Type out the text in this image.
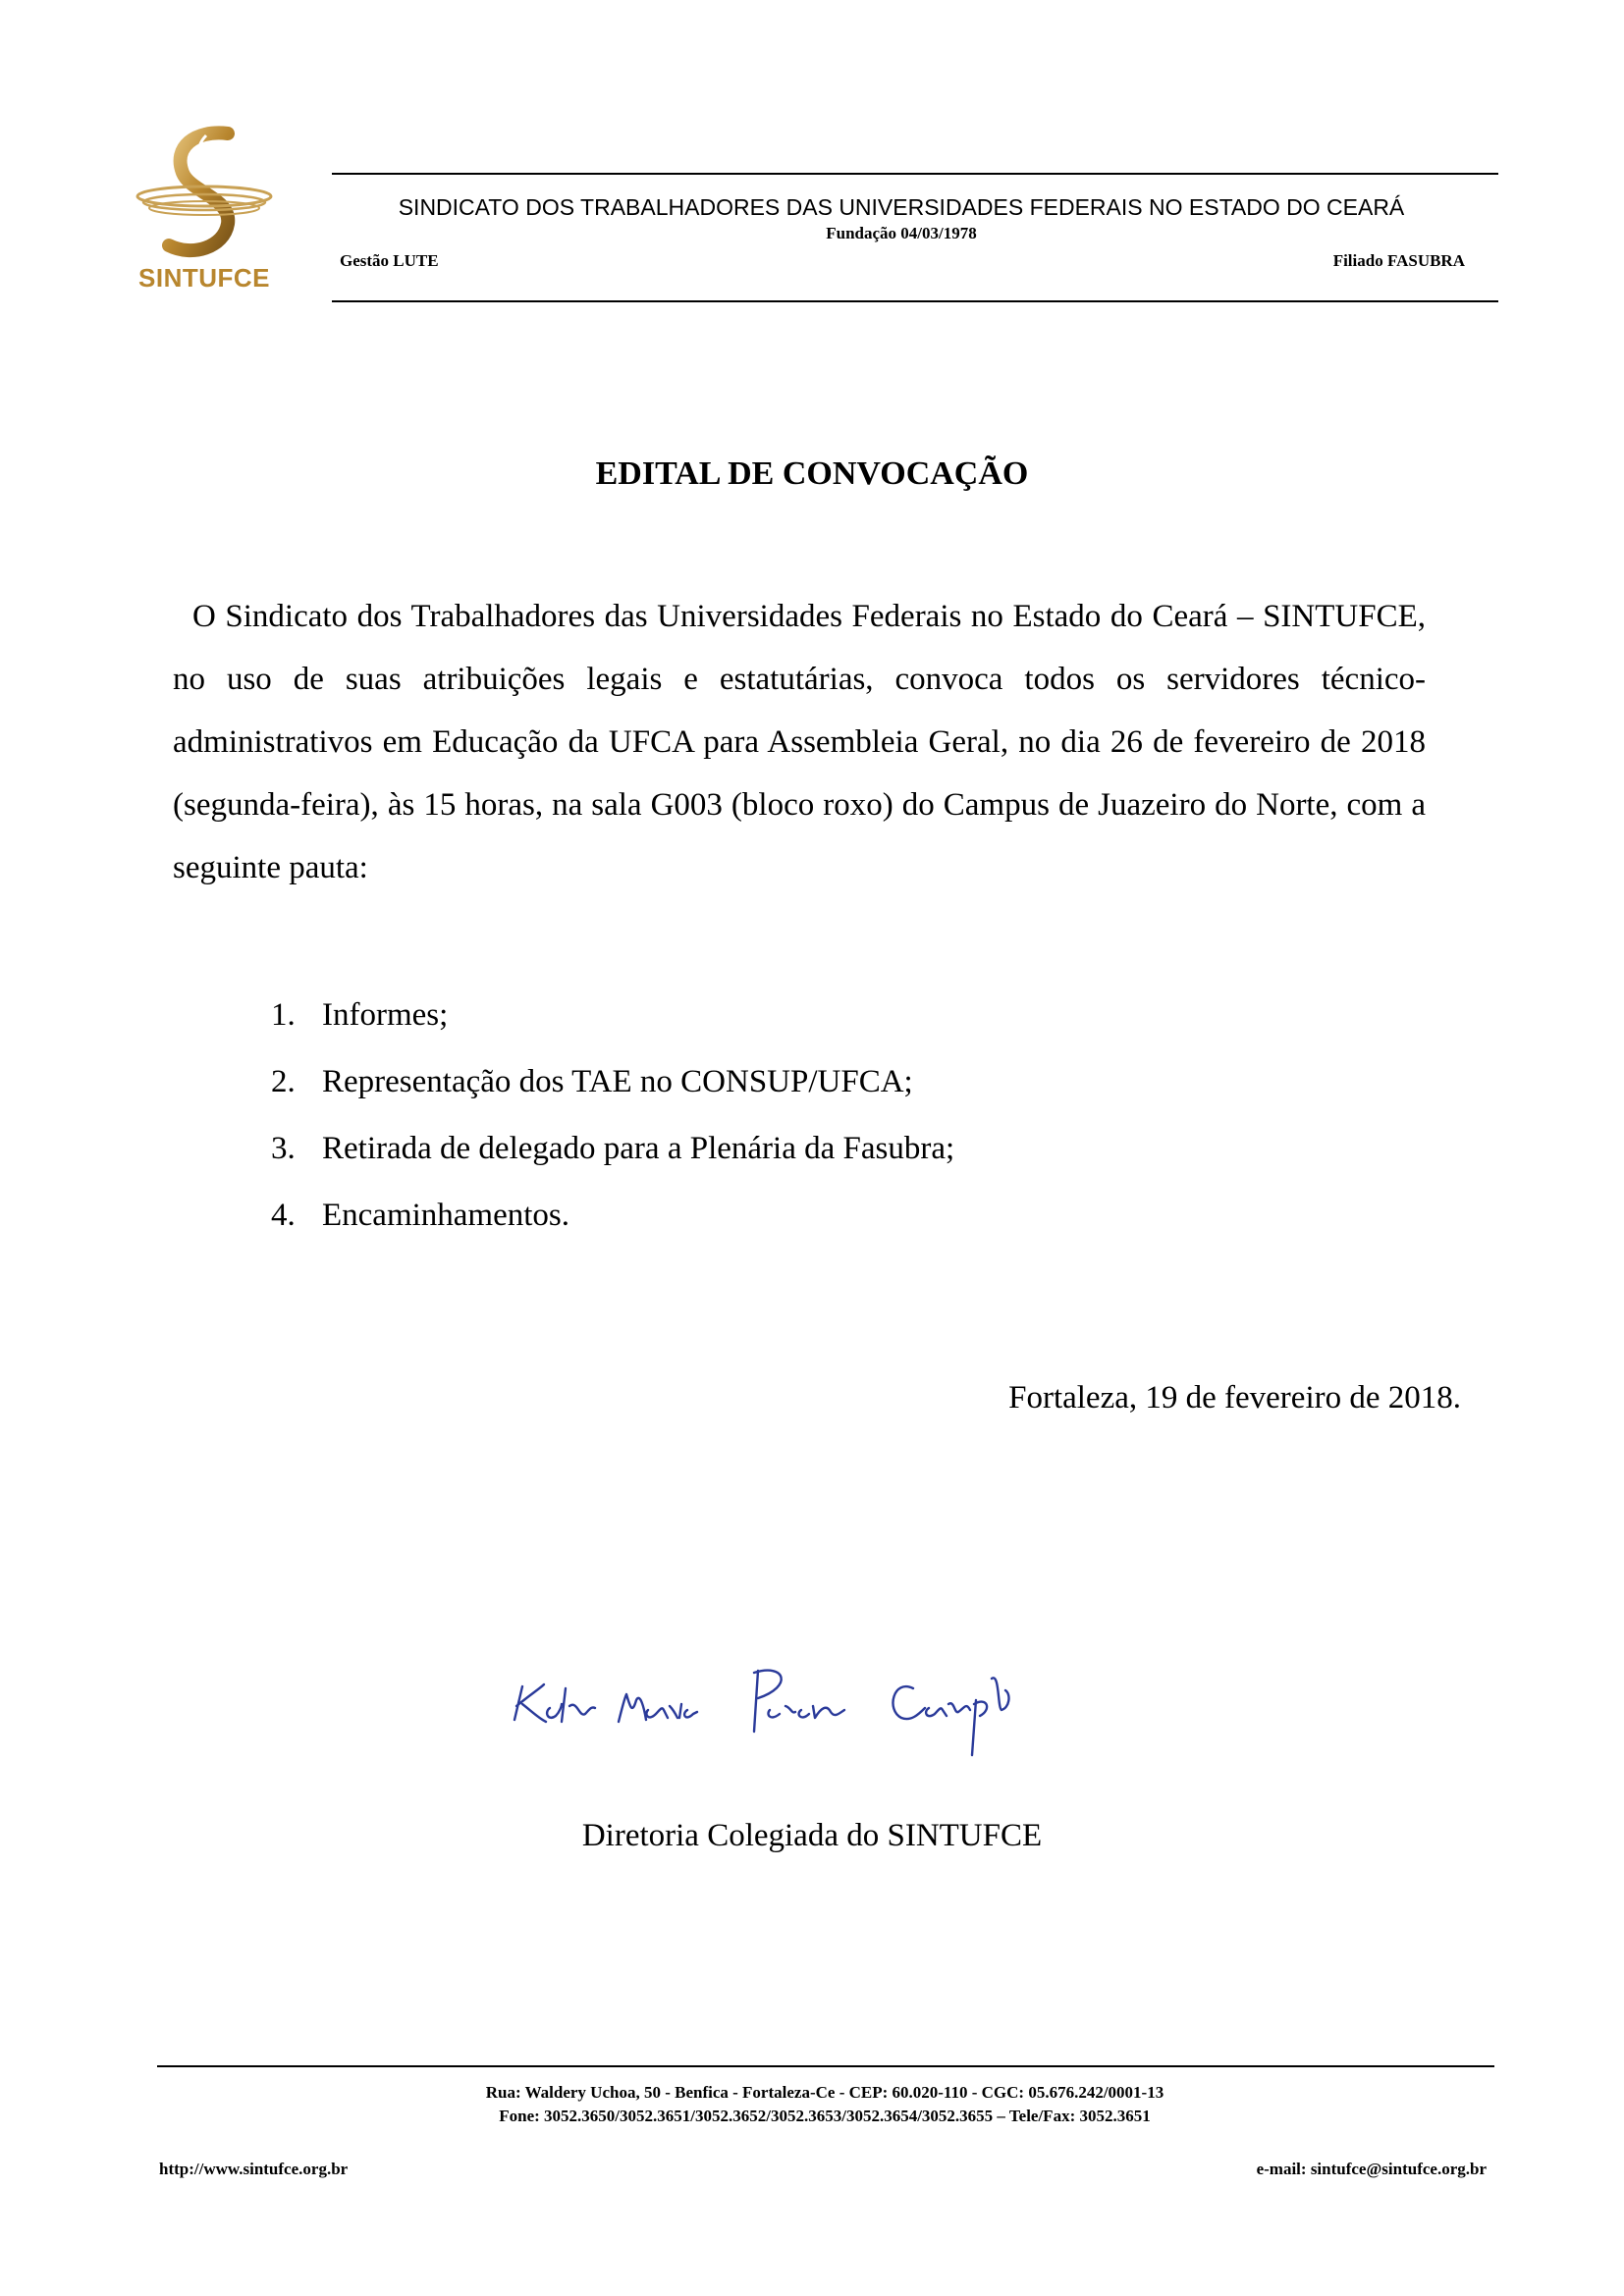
SINTUFCE
SINDICATO DOS TRABALHADORES DAS UNIVERSIDADES FEDERAIS NO ESTADO DO CEARÁ
Fundação 04/03/1978
Gestão LUTE	Filiado FASUBRA
EDITAL DE CONVOCAÇÃO

O Sindicato dos Trabalhadores das Universidades Federais no Estado do Ceará – SINTUFCE, no uso de suas atribuições legais e estatutárias, convoca todos os servidores técnico-administrativos em Educação da UFCA para Assembleia Geral, no dia 26 de fevereiro de 2018 (segunda-feira), às 15 horas, na sala G003 (bloco roxo) do Campus de Juazeiro do Norte, com a seguinte pauta:

1. Informes;
2. Representação dos TAE no CONSUP/UFCA;
3. Retirada de delegado para a Plenária da Fasubra;
4. Encaminhamentos.
Fortaleza, 19 de fevereiro de 2018.
Diretoria Colegiada do SINTUFCE
Rua: Waldery Uchoa, 50 - Benfica - Fortaleza-Ce - CEP: 60.020-110 - CGC: 05.676.242/0001-13
Fone: 3052.3650/3052.3651/3052.3652/3052.3653/3052.3654/3052.3655 – Tele/Fax: 3052.3651
http://www.sintufce.org.br	e-mail: sintufce@sintufce.org.br
